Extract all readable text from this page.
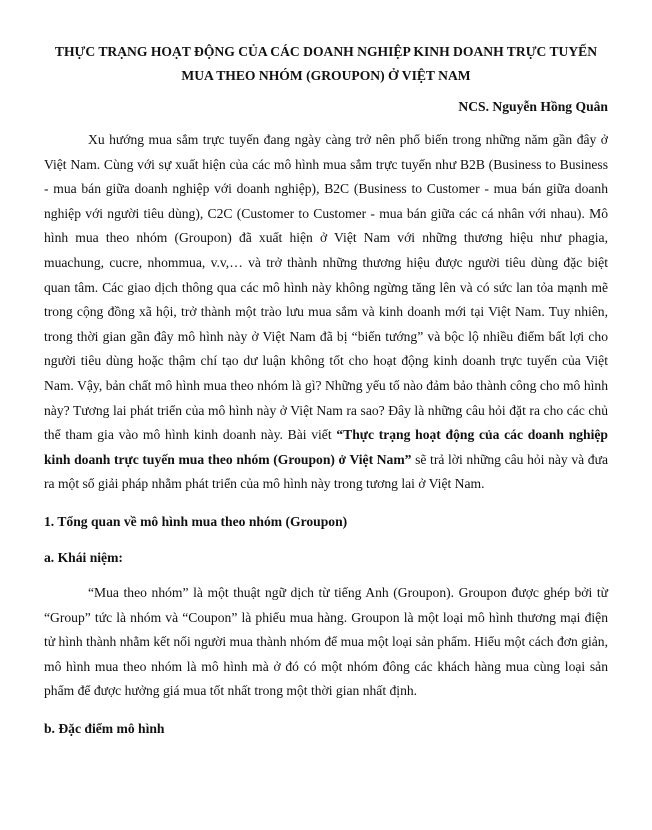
THỰC TRẠNG HOẠT ĐỘNG CỦA CÁC DOANH NGHIỆP KINH DOANH TRỰC TUYẾN
MUA THEO NHÓM (GROUPON) Ở VIỆT NAM

NCS. Nguyễn Hồng Quân

Xu hướng mua sắm trực tuyến đang ngày càng trở nên phổ biến trong những năm gần đây ở Việt Nam. Cùng với sự xuất hiện của các mô hình mua sắm trực tuyến như B2B (Business to Business - mua bán giữa doanh nghiệp với doanh nghiệp), B2C (Business to Customer - mua bán giữa doanh nghiệp với người tiêu dùng), C2C (Customer to Customer - mua bán giữa các cá nhân với nhau). Mô hình mua theo nhóm (Groupon) đã xuất hiện ở Việt Nam với những thương hiệu như phagia, muachung, cucre, nhommua, v.v,… và trở thành những thương hiệu được người tiêu dùng đặc biệt quan tâm. Các giao dịch thông qua các mô hình này không ngừng tăng lên và có sức lan tỏa mạnh mẽ trong cộng đồng xã hội, trở thành một trào lưu mua sắm và kinh doanh mới tại Việt Nam. Tuy nhiên, trong thời gian gần đây mô hình này ở Việt Nam đã bị “biến tướng” và bộc lộ nhiều điểm bất lợi cho người tiêu dùng hoặc thậm chí tạo dư luận không tốt cho hoạt động kinh doanh trực tuyến của Việt Nam. Vậy, bản chất mô hình mua theo nhóm là gì? Những yếu tố nào đảm bảo thành công cho mô hình này? Tương lai phát triển của mô hình này ở Việt Nam ra sao? Đây là những câu hỏi đặt ra cho các chủ thể tham gia vào mô hình kinh doanh này. Bài viết “Thực trạng hoạt động của các doanh nghiệp kinh doanh trực tuyến mua theo nhóm (Groupon) ở Việt Nam” sẽ trả lời những câu hỏi này và đưa ra một số giải pháp nhằm phát triển của mô hình này trong tương lai ở Việt Nam.

1. Tổng quan về mô hình mua theo nhóm (Groupon)

a. Khái niệm:

“Mua theo nhóm” là một thuật ngữ dịch từ tiếng Anh (Groupon). Groupon được ghép bởi từ “Group” tức là nhóm và “Coupon” là phiếu mua hàng. Groupon là một loại mô hình thương mại điện tử hình thành nhằm kết nối người mua thành nhóm để mua một loại sản phẩm. Hiểu một cách đơn giản, mô hình mua theo nhóm là mô hình mà ở đó có một nhóm đông các khách hàng mua cùng loại sản phẩm để được hưởng giá mua tốt nhất trong một thời gian nhất định.

b. Đặc điểm mô hình
